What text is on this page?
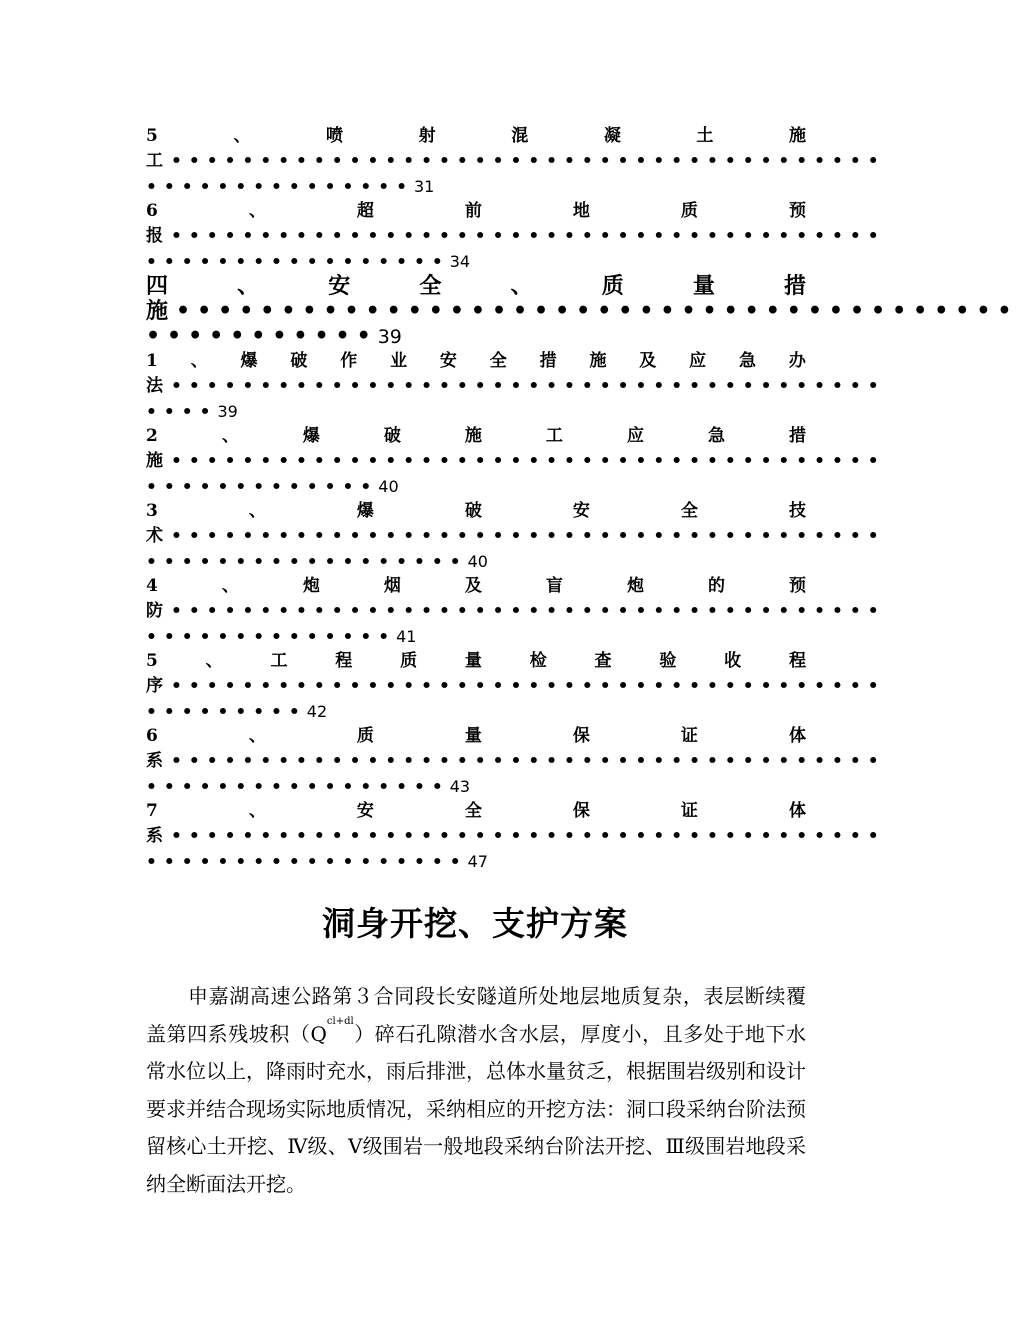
5	、	喷	射	混	凝	土	施
工 ••••••••••••••••••••••••••••••••••••••••
•••••••••••••••31
6	、	超	前	地	质	预
报 ••••••••••••••••••••••••••••••••••••••••
•••••••••••••••••34
四	、	安	全	、	质	量	措
施 ••••••••••••••••••••••••••••••••••••••••
•••••••••••39
1 、 爆 破 作 业 安 全 措 施 及 应 急 办
法 ••••••••••••••••••••••••••••••••••••••••
••••39
2	、	爆	破	施	工	应	急	措
施 ••••••••••••••••••••••••••••••••••••••••
•••••••••••••40
3	、	爆	破	安	全	技
术 ••••••••••••••••••••••••••••••••••••••••
••••••••••••••••••40
4	、	炮	烟	及	盲	炮	的	预
防 ••••••••••••••••••••••••••••••••••••••••
••••••••••••••41
5	、	工	程	质	量	检	查	验	收	程
序 ••••••••••••••••••••••••••••••••••••••••
•••••••••42
6	、	质	量	保	证	体
系 ••••••••••••••••••••••••••••••••••••••••
•••••••••••••••••43
7	、	安	全	保	证	体
系 ••••••••••••••••••••••••••••••••••••••••
••••••••••••••••••47
洞身开挖、支护方案

申嘉湖高速公路第３合同段长安隧道所处地层地质复杂，表层断续覆盖第四系残坡积$(Q^{cl+dl})$碎石孔隙潜水含水层，厚度小，且多处于地下水常水位以上，降雨时充水，雨后排泄，总体水量贫乏，根据围岩级别和设计要求并结合现场实际地质情况，采纳相应的开挖方法：洞口段采纳台阶法预留核心土开挖、Ⅳ级、Ⅴ级围岩一般地段采纳台阶法开挖、Ⅲ级围岩地段采纳全断面法开挖。
